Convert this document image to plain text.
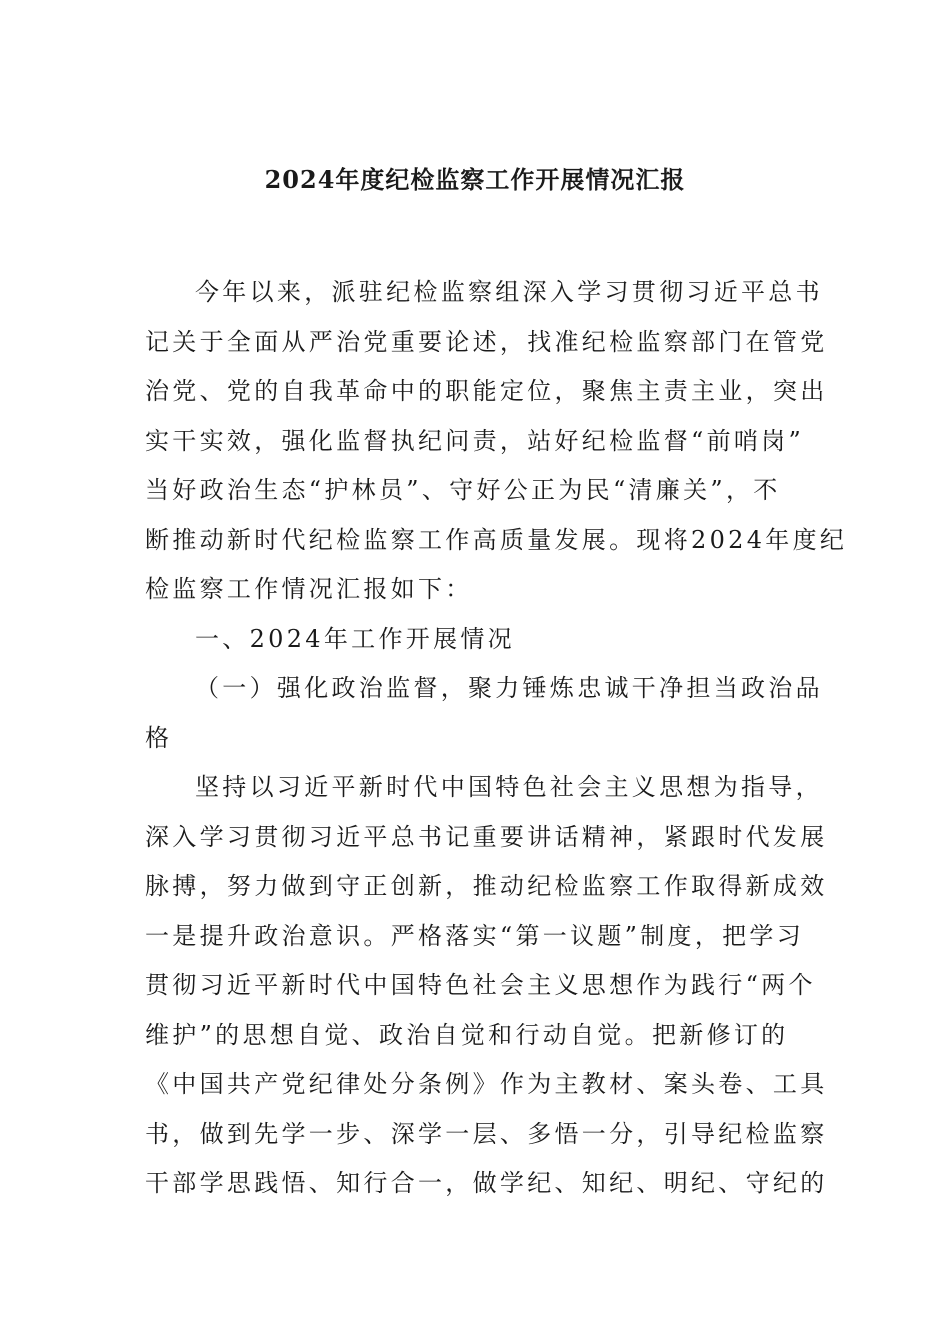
2024年度纪检监察工作开展情况汇报
今年以来，派驻纪检监察组深入学习贯彻习近平总书
记关于全面从严治党重要论述，找准纪检监察部门在管党
治党、党的自我革命中的职能定位，聚焦主责主业，突出
实干实效，强化监督执纪问责，站好纪检监督“前哨岗”
当好政治生态“护林员”、守好公正为民“清廉关”，不
断推动新时代纪检监察工作高质量发展。现将2024年度纪
检监察工作情况汇报如下：
一、2024年工作开展情况
（一）强化政治监督，聚力锤炼忠诚干净担当政治品
格
坚持以习近平新时代中国特色社会主义思想为指导，
深入学习贯彻习近平总书记重要讲话精神，紧跟时代发展
脉搏，努力做到守正创新，推动纪检监察工作取得新成效
一是提升政治意识。严格落实“第一议题”制度，把学习
贯彻习近平新时代中国特色社会主义思想作为践行“两个
维护”的思想自觉、政治自觉和行动自觉。把新修订的
《中国共产党纪律处分条例》作为主教材、案头卷、工具
书，做到先学一步、深学一层、多悟一分，引导纪检监察
干部学思践悟、知行合一，做学纪、知纪、明纪、守纪的
